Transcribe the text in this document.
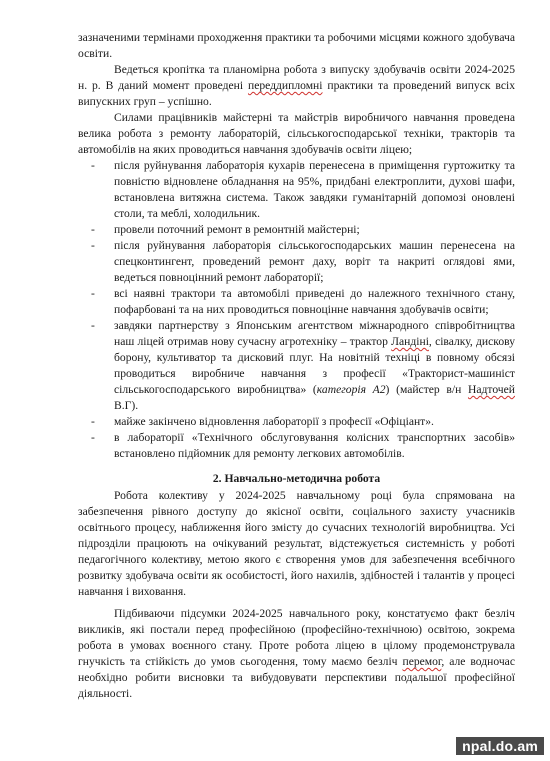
зазначеними термінами проходження практики та робочими місцями кожного здобувача освіти.

Ведеться кропітка та планомірна робота з випуску здобувачів освіти 2024-2025 н. р. В даний момент проведені переддипломні практики та проведений випуск всіх випускних груп – успішно.

Силами працівників майстерні та майстрів виробничого навчання проведена велика робота з ремонту лабораторій, сільськогосподарської техніки, тракторів та автомобілів на яких проводиться навчання здобувачів освіти ліцею;

- після руйнування лабораторія кухарів перенесена в приміщення гуртожитку та повністю відновлене обладнання на 95%, придбані електроплити, духові шафи, встановлена витяжна система. Також завдяки гуманітарній допомозі оновлені столи, та меблі, холодильник.
- провели поточний ремонт в ремонтній майстерні;
- після руйнування лабораторія сільськогосподарських машин перенесена на спецконтингент, проведений ремонт даху, воріт та накриті оглядові ями, ведеться повноцінний ремонт лабораторії;
- всі наявні трактори та автомобілі приведені до належного технічного стану, пофарбовані та на них проводиться повноцінне навчання здобувачів освіти;
- завдяки партнерству з Японським агентством міжнародного співробітництва наш ліцей отримав нову сучасну агротехніку – трактор Ландіні, сівалку, дискову борону, культиватор та дисковий плуг. На новітній техніці в повному обсязі проводиться виробниче навчання з професії «Тракторист-машиніст сільськогосподарського виробництва» (категорія А2) (майстер в/н Надточей В.Г).
- майже закінчено відновлення лабораторії з професії «Офіціант».
- в лабораторії «Технічного обслуговування колісних транспортних засобів» встановлено підйомник для ремонту легкових автомобілів.

2. Навчально-методична робота

Робота колективу у 2024-2025 навчальному році була спрямована на забезпечення рівного доступу до якісної освіти, соціального захисту учасників освітнього процесу, наближення його змісту до сучасних технологій виробництва. Усі підрозділи працюють на очікуваний результат, відстежується системність у роботі педагогічного колективу, метою якого є створення умов для забезпечення всебічного розвитку здобувача освіти як особистості, його нахилів, здібностей і талантів у процесі навчання і виховання.

Підбиваючи підсумки 2024-2025 навчального року, констатуємо факт безліч викликів, які постали перед професійною (професійно-технічною) освітою, зокрема робота в умовах воєнного стану. Проте робота ліцею в цілому продемонструвала гнучкість та стійкість до умов сьогодення, тому маємо безліч перемог, але водночас необхідно робити висновки та вибудовувати перспективи подальшої професійної діяльності.

npal.do.am
